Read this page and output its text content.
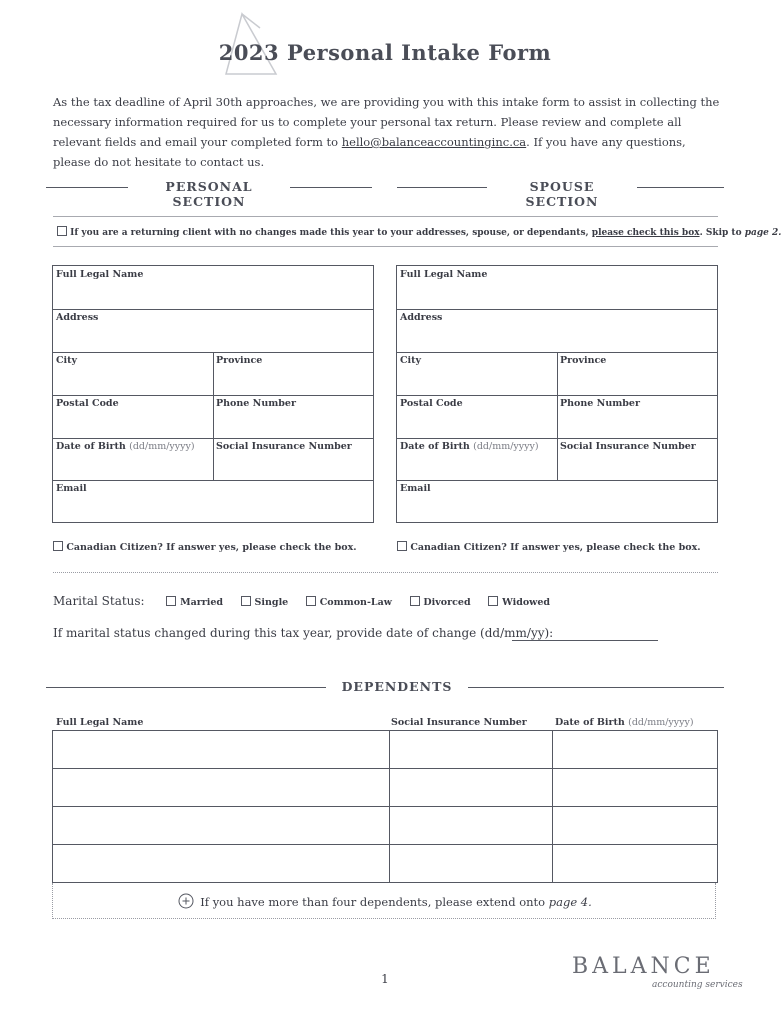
2023 Personal Intake Form
As the tax deadline of April 30th approaches, we are providing you with this intake form to assist in collecting the necessary information required for us to complete your personal tax return. Please review and complete all relevant fields and email your completed form to hello@balanceaccountinginc.ca. If you have any questions, please do not hesitate to contact us.
PERSONAL SECTION
SPOUSE SECTION
If you are a returning client with no changes made this year to your addresses, spouse, or dependants, please check this box. Skip to page 2.
Full Legal Name
Address
City	Province
Postal Code	Phone Number
Date of Birth (dd/mm/yyyy)	Social Insurance Number
Email
Full Legal Name
Address
City	Province
Postal Code	Phone Number
Date of Birth (dd/mm/yyyy)	Social Insurance Number
Email
Canadian Citizen? If answer yes, please check the box.	Canadian Citizen? If answer yes, please check the box.
Marital Status:	Married	Single	Common-Law	Divorced	Widowed
If marital status changed during this tax year, provide date of change (dd/mm/yy):
DEPENDENTS
Full Legal Name	Social Insurance Number	Date of Birth (dd/mm/yyyy)
If you have more than four dependents, please extend onto page 4.
1	BALANCE
accounting services
